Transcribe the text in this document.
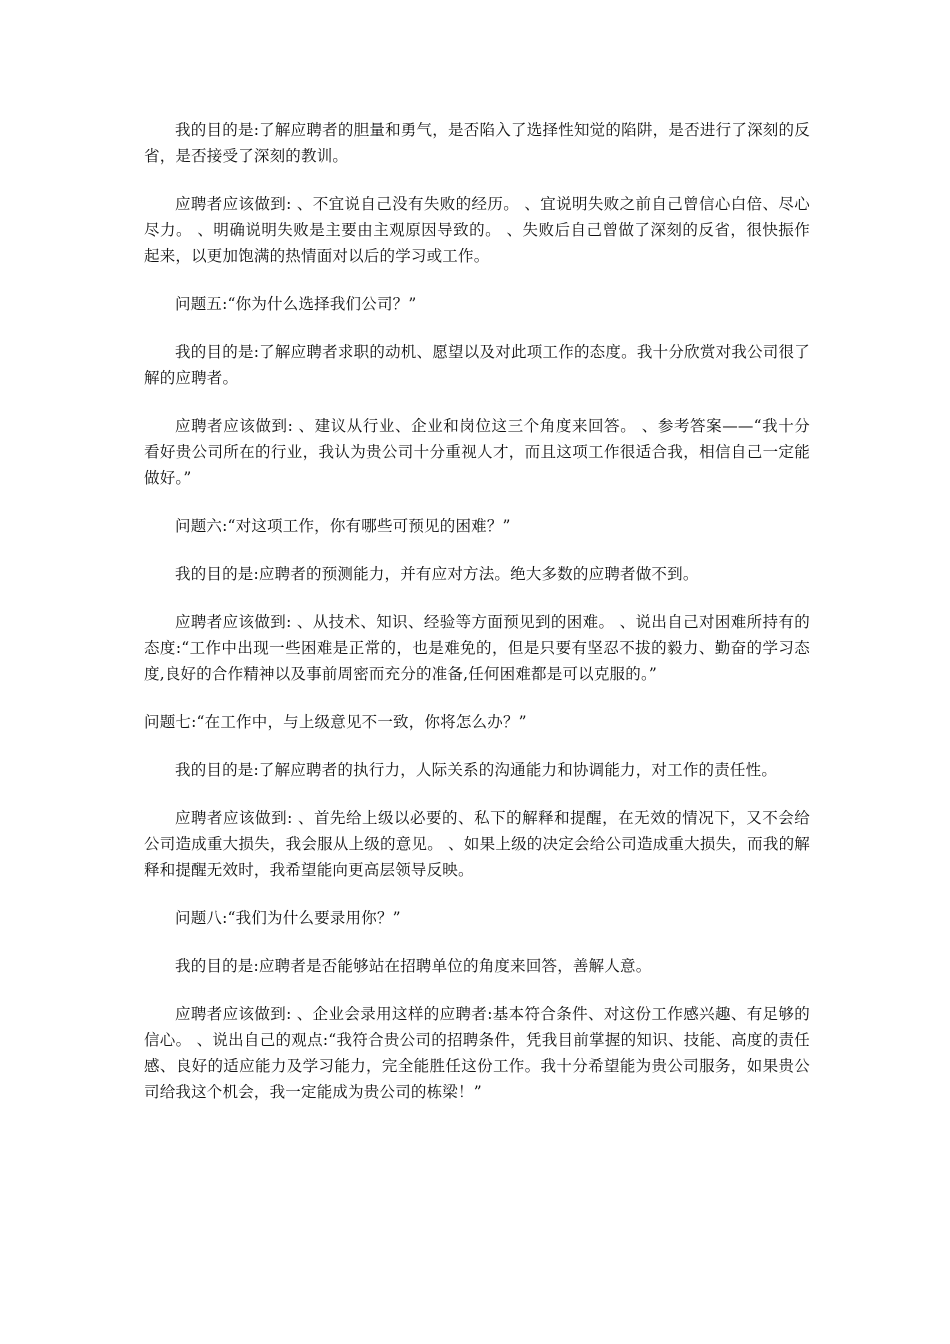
我的目的是:了解应聘者的胆量和勇气，是否陷入了选择性知觉的陷阱，是否进行了深刻的反省，是否接受了深刻的教训。

应聘者应该做到: 、不宜说自己没有失败的经历。 、宜说明失败之前自己曾信心白倍、尽心尽力。 、明确说明失败是主要由主观原因导致的。 、失败后自己曾做了深刻的反省，很快振作起来，以更加饱满的热情面对以后的学习或工作。

问题五:“你为什么选择我们公司？”

我的目的是:了解应聘者求职的动机、愿望以及对此项工作的态度。我十分欣赏对我公司很了解的应聘者。

应聘者应该做到: 、建议从行业、企业和岗位这三个角度来回答。 、参考答案——“我十分看好贵公司所在的行业，我认为贵公司十分重视人才，而且这项工作很适合我，相信自己一定能做好。”

问题六:“对这项工作，你有哪些可预见的困难？”

我的目的是:应聘者的预测能力，并有应对方法。绝大多数的应聘者做不到。

应聘者应该做到: 、从技术、知识、经验等方面预见到的困难。 、说出自己对困难所持有的态度:“工作中出现一些困难是正常的，也是难免的，但是只要有坚忍不拔的毅力、勤奋的学习态度,良好的合作精神以及事前周密而充分的准备,任何困难都是可以克服的。”

问题七:“在工作中，与上级意见不一致，你将怎么办？”

我的目的是:了解应聘者的执行力，人际关系的沟通能力和协调能力，对工作的责任性。

应聘者应该做到: 、首先给上级以必要的、私下的解释和提醒，在无效的情况下，又不会给公司造成重大损失，我会服从上级的意见。 、如果上级的决定会给公司造成重大损失，而我的解释和提醒无效时，我希望能向更高层领导反映。

问题八:“我们为什么要录用你？”

我的目的是:应聘者是否能够站在招聘单位的角度来回答，善解人意。

应聘者应该做到: 、企业会录用这样的应聘者:基本符合条件、对这份工作感兴趣、有足够的信心。 、说出自己的观点:“我符合贵公司的招聘条件，凭我目前掌握的知识、技能、高度的责任感、良好的适应能力及学习能力，完全能胜任这份工作。我十分希望能为贵公司服务，如果贵公司给我这个机会，我一定能成为贵公司的栋梁！”
